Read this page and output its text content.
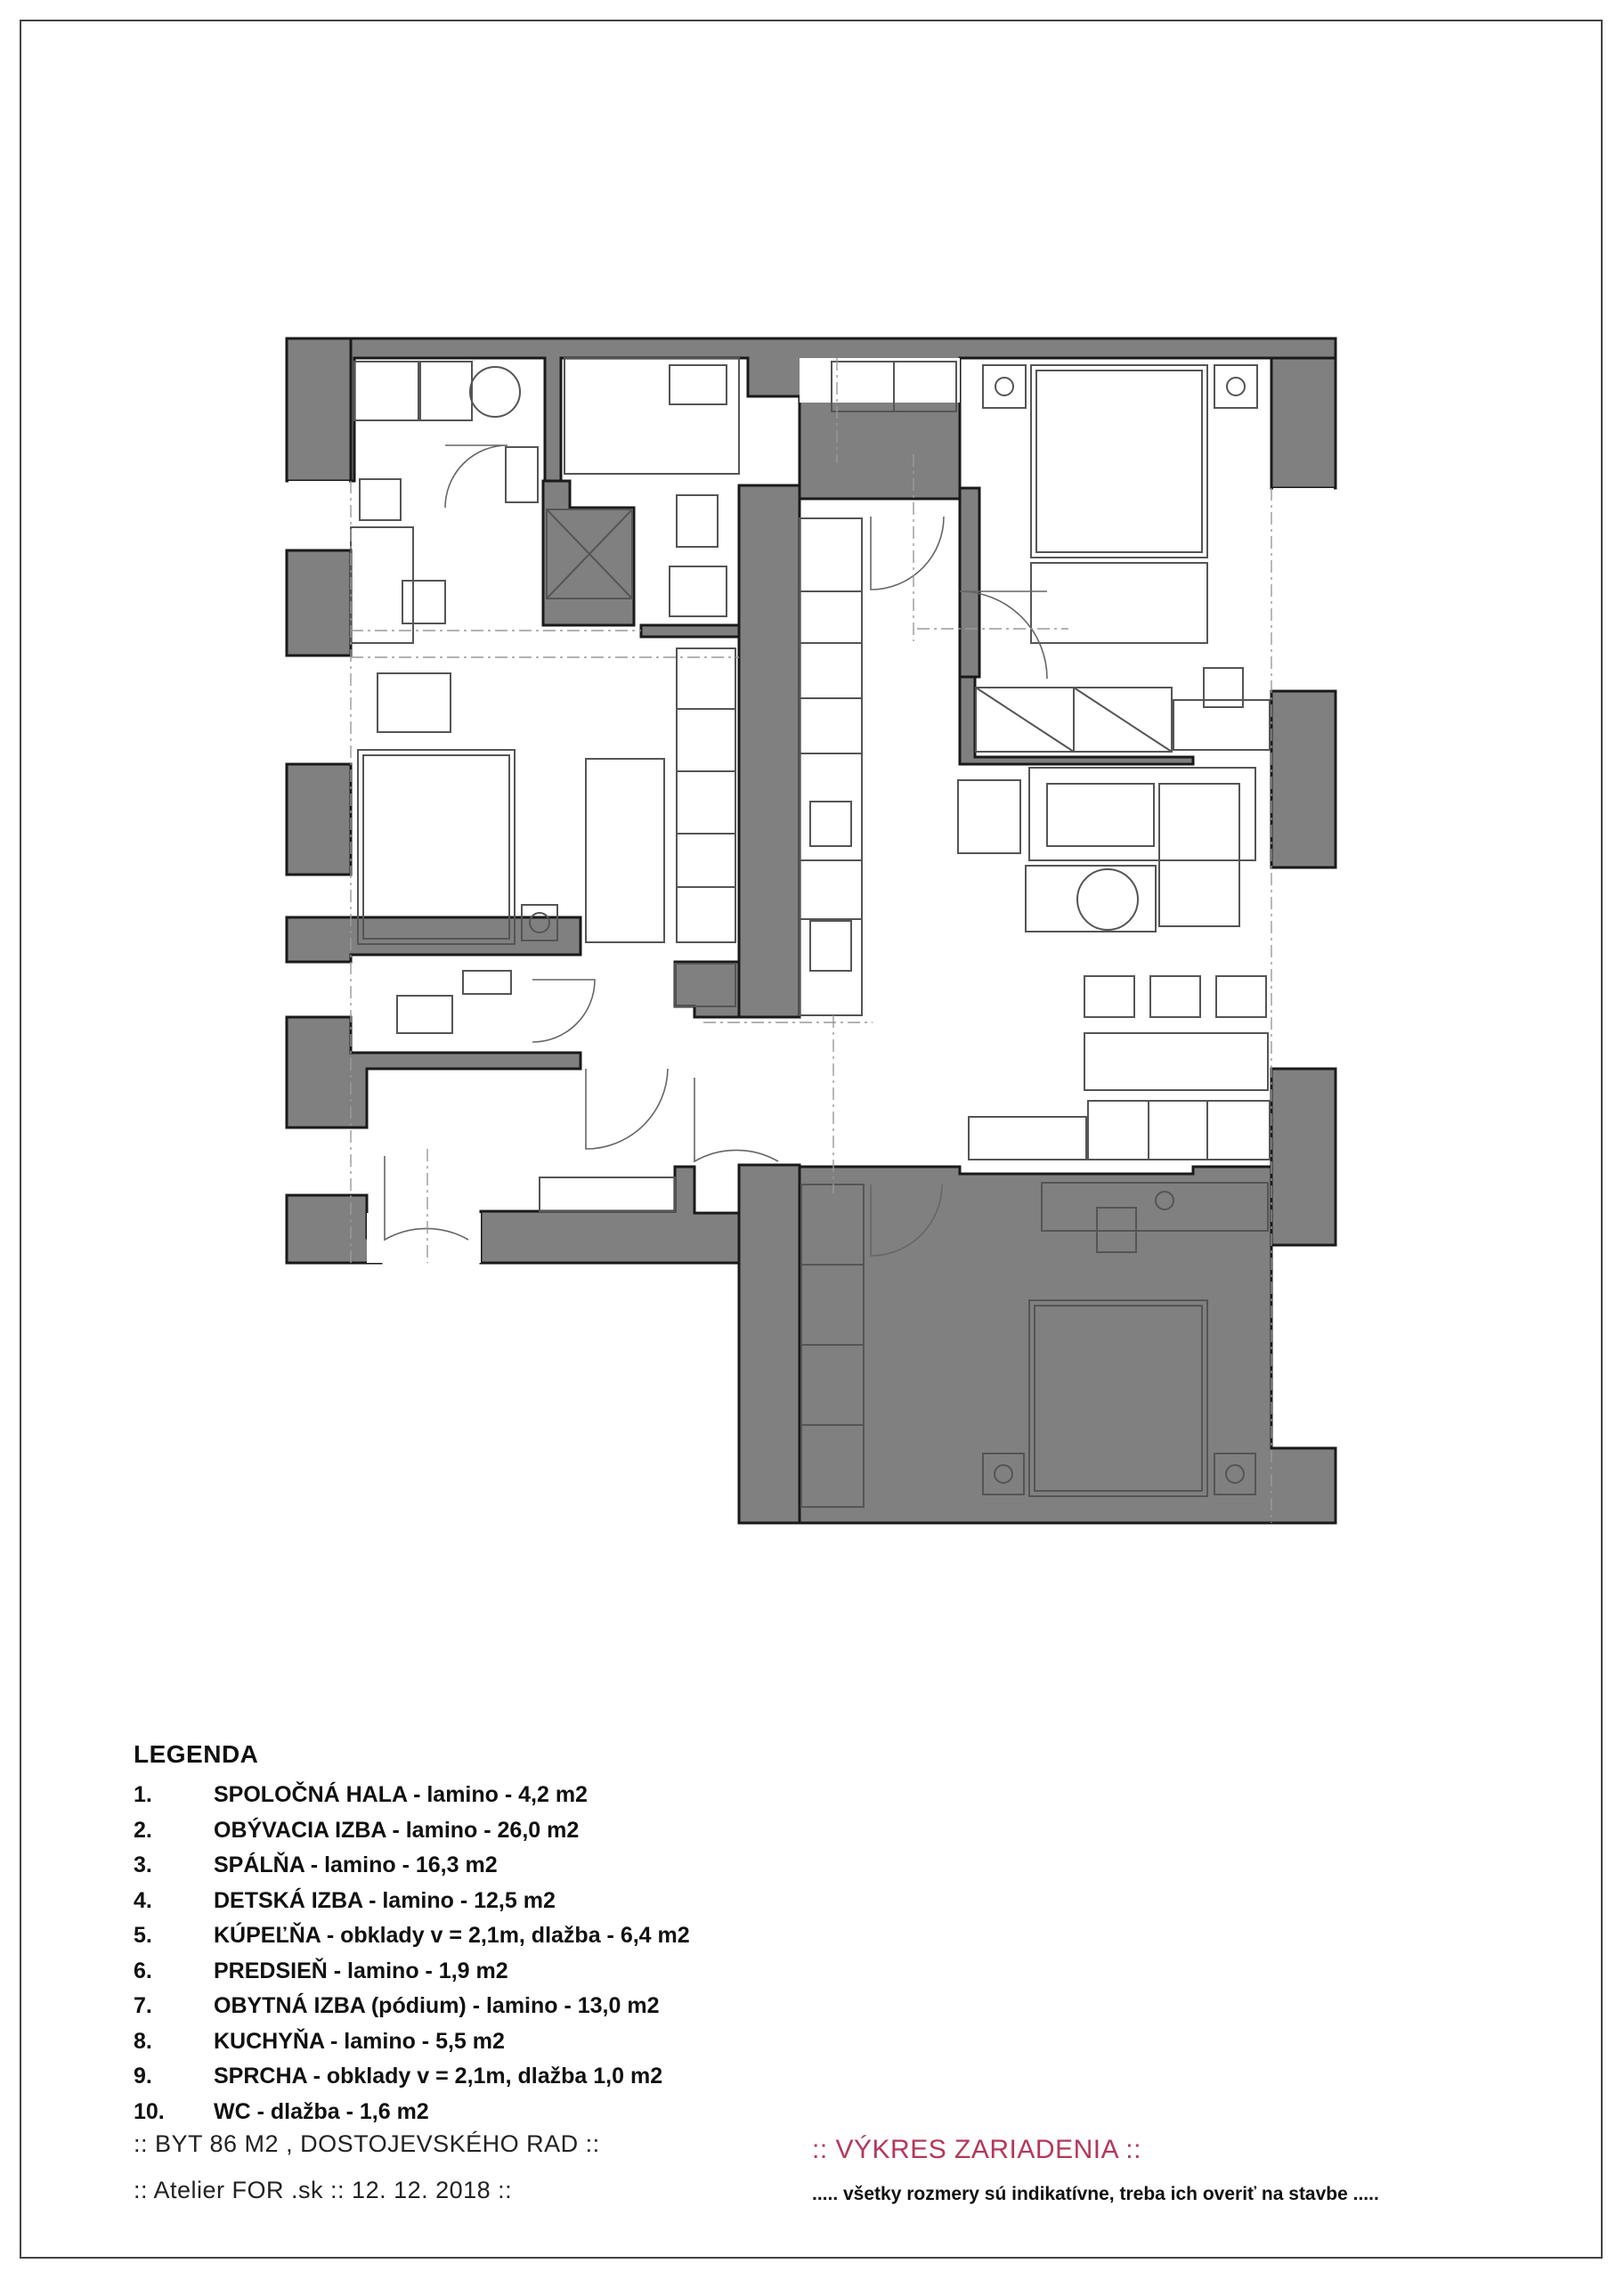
LEGENDA
1.	SPOLOČNÁ HALA - lamino - 4,2 m2
2.	OBÝVACIA IZBA - lamino - 26,0 m2
3.	SPÁLŇA - lamino - 16,3 m2
4.	DETSKÁ IZBA - lamino - 12,5 m2
5.	KÚPEĽŇA - obklady v = 2,1m, dlažba - 6,4 m2
6.	PREDSIEŇ - lamino - 1,9 m2
7.	OBYTNÁ IZBA (pódium) - lamino - 13,0 m2
8.	KUCHYŇA - lamino - 5,5 m2
9.	SPRCHA - obklady v = 2,1m, dlažba 1,0 m2
10.	WC - dlažba - 1,6 m2
:: BYT 86 M2 , DOSTOJEVSKÉHO RAD ::
:: Atelier FOR .sk :: 12. 12. 2018 ::
:: VÝKRES ZARIADENIA ::
..... všetky rozmery sú indikatívne, treba ich overiť na stavbe .....
